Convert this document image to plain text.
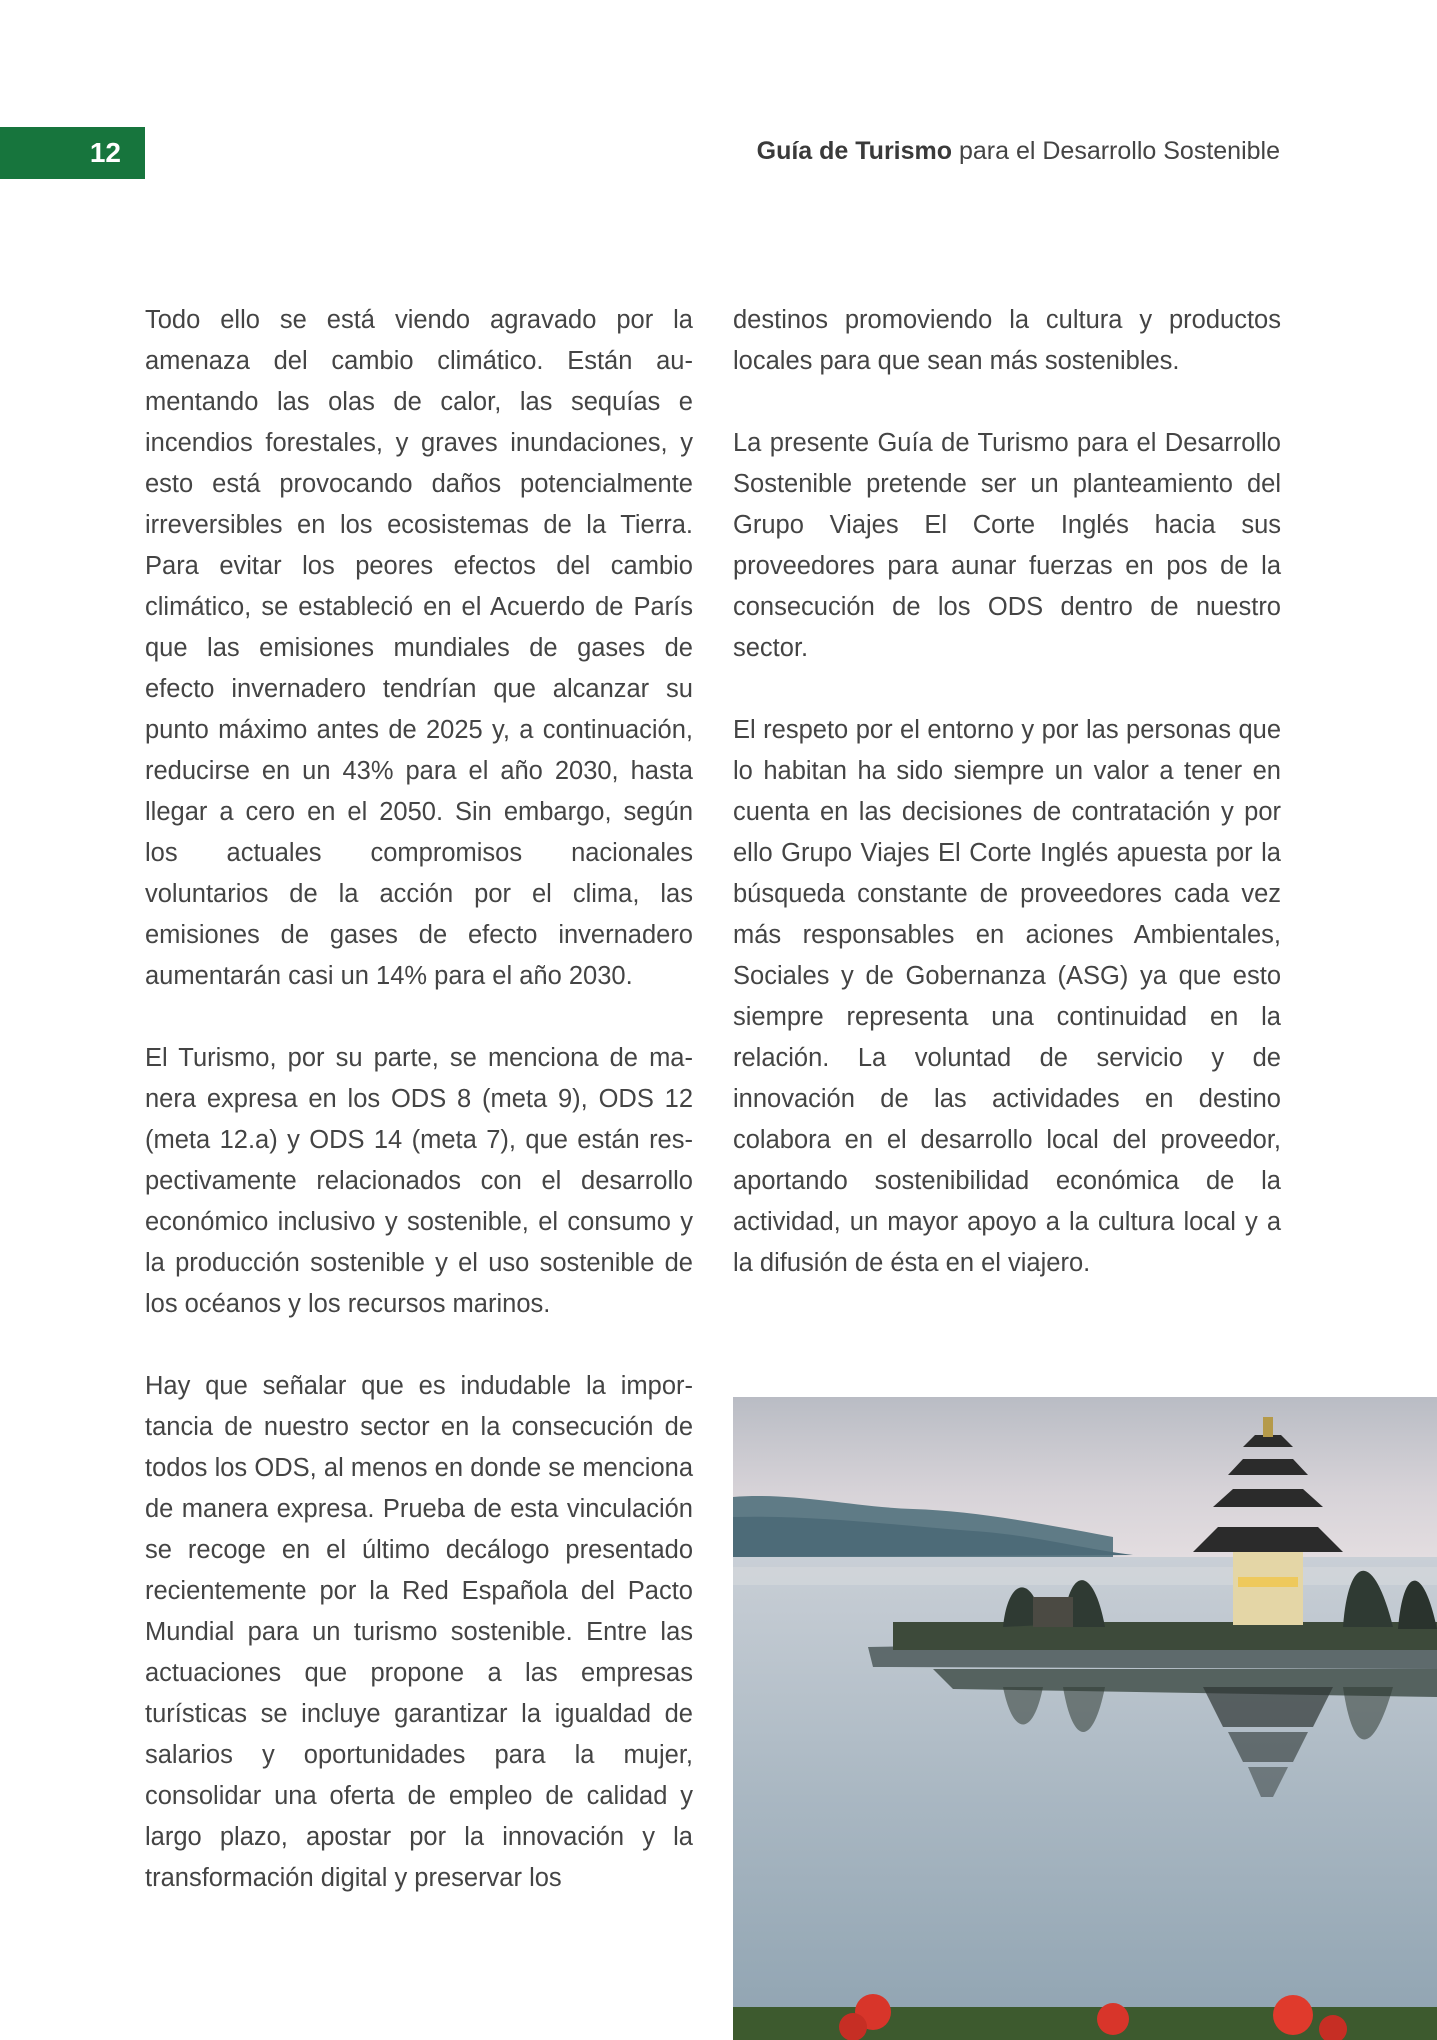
12	Guía de Turismo para el Desarrollo Sostenible

Todo ello se está viendo agravado por la amenaza del cambio climático. Están aumentando las olas de calor, las sequías e incendios forestales, y graves inundaciones, y esto está provocando daños potencialmente irreversibles en los ecosistemas de la Tierra. Para evitar los peores efectos del cambio climático, se estableció en el Acuerdo de París que las emisiones mundiales de gases de efecto invernadero tendrían que alcanzar su punto máximo antes de 2025 y, a continuación, reducirse en un 43% para el año 2030, hasta llegar a cero en el 2050. Sin embargo, según los actuales compromisos nacionales voluntarios de la acción por el clima, las emisiones de gases de efecto invernadero aumentarán casi un 14% para el año 2030.

El Turismo, por su parte, se menciona de manera expresa en los ODS 8 (meta 9), ODS 12 (meta 12.a) y ODS 14 (meta 7), que están respectivamente relacionados con el desarrollo económico inclusivo y sostenible, el consumo y la producción sostenible y el uso sostenible de los océanos y los recursos marinos.

Hay que señalar que es indudable la importancia de nuestro sector en la consecución de todos los ODS, al menos en donde se menciona de manera expresa. Prueba de esta vinculación se recoge en el último decálogo presentado recientemente por la Red Española del Pacto Mundial para un turismo sostenible. Entre las actuaciones que propone a las empresas turísticas se incluye garantizar la igualdad de salarios y oportunidades para la mujer, consolidar una oferta de empleo de calidad y largo plazo, apostar por la innovación y la transformación digital y preservar los

destinos promoviendo la cultura y productos locales para que sean más sostenibles.

La presente Guía de Turismo para el Desarrollo Sostenible pretende ser un planteamiento del Grupo Viajes El Corte Inglés hacia sus proveedores para aunar fuerzas en pos de la consecución de los ODS dentro de nuestro sector.

El respeto por el entorno y por las personas que lo habitan ha sido siempre un valor a tener en cuenta en las decisiones de contratación y por ello Grupo Viajes El Corte Inglés apuesta por la búsqueda constante de proveedores cada vez más responsables en aciones Ambientales, Sociales y de Gobernanza (ASG) ya que esto siempre representa una continuidad en la relación. La voluntad de servicio y de innovación de las actividades en destino colabora en el desarrollo local del proveedor, aportando sostenibilidad económica de la actividad, un mayor apoyo a la cultura local y a la difusión de ésta en el viajero.
